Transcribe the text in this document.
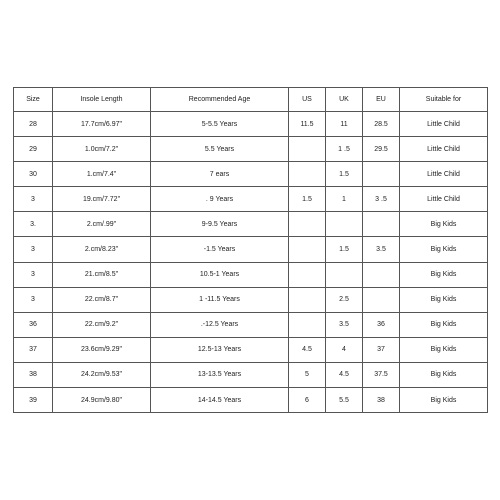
Size	Insole Length	Recommended Age	US	UK	EU	Suitable for
28	17.7cm/6.97"	5-5.5 Years	11.5	11	28.5	Little Child
29	1.0cm/7.2"	5.5 Years		1 .5	29.5	Little Child
30	1.cm/7.4"	7 ears		1.5		Little Child
3	19.cm/7.72"	. 9 Years	1.5	1	3 .5	Little Child
3.	2.cm/.99"	9-9.5 Years				Big Kids
3	2.cm/8.23"	-1.5 Years		1.5	3.5	Big Kids
3	21.cm/8.5"	10.5-1 Years				Big Kids
3	22.cm/8.7"	1 -11.5 Years		2.5		Big Kids
36	22.cm/9.2"	.-12.5 Years		3.5	36	Big Kids
37	23.6cm/9.29"	12.5-13 Years	4.5	4	37	Big Kids
38	24.2cm/9.53"	13-13.5 Years	5	4.5	37.5	Big Kids
39	24.9cm/9.80"	14-14.5 Years	6	5.5	38	Big Kids
